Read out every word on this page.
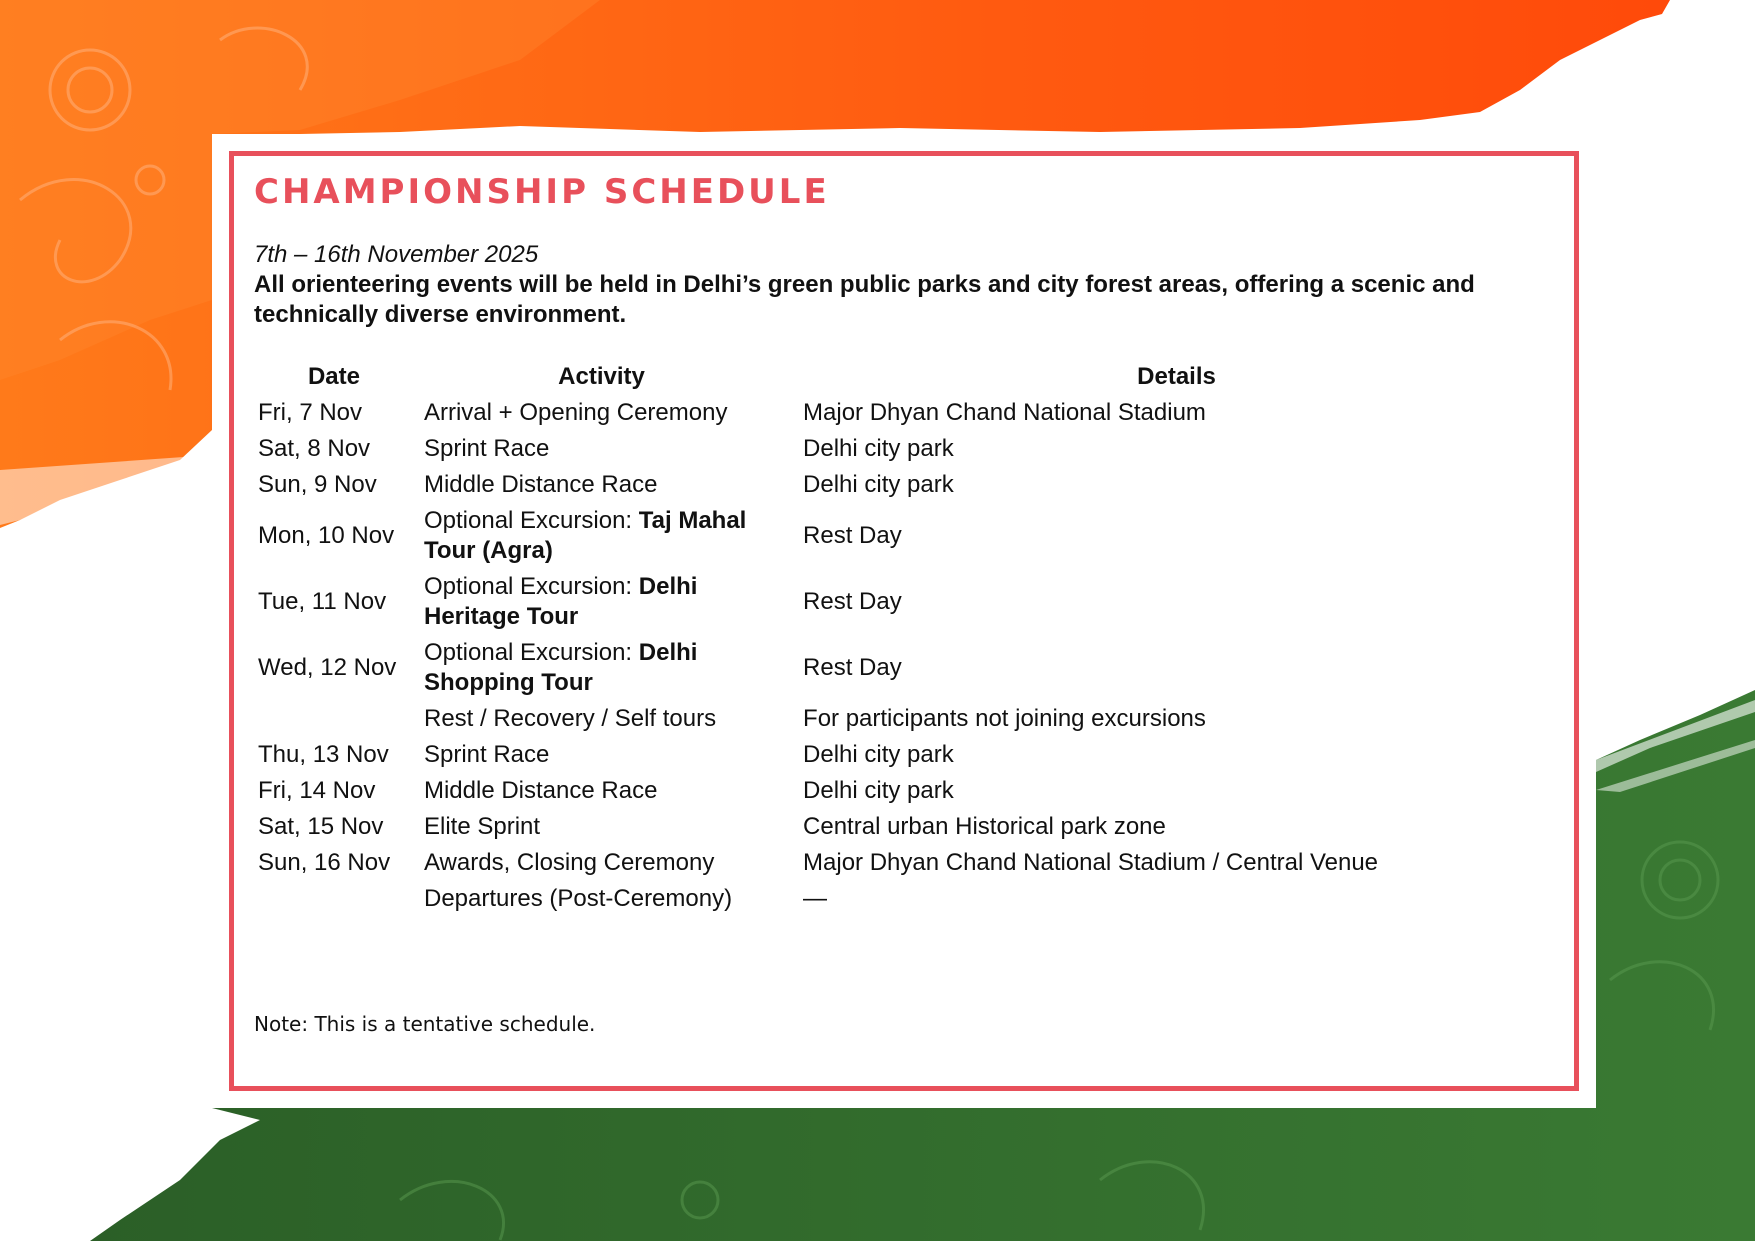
CHAMPIONSHIP SCHEDULE
7th – 16th November 2025
All orienteering events will be held in Delhi’s green public parks and city forest areas, offering a scenic and technically diverse environment.
Date	Activity	Details
Fri, 7 Nov	Arrival + Opening Ceremony	Major Dhyan Chand National Stadium
Sat, 8 Nov	Sprint Race	Delhi city park
Sun, 9 Nov	Middle Distance Race	Delhi city park
Mon, 10 Nov	Optional Excursion: Taj Mahal Tour (Agra)	Rest Day
Tue, 11 Nov	Optional Excursion: Delhi Heritage Tour	Rest Day
Wed, 12 Nov	Optional Excursion: Delhi Shopping Tour	Rest Day
	Rest / Recovery / Self tours	For participants not joining excursions
Thu, 13 Nov	Sprint Race	Delhi city park
Fri, 14 Nov	Middle Distance Race	Delhi city park
Sat, 15 Nov	Elite Sprint	Central urban Historical park zone
Sun, 16 Nov	Awards, Closing Ceremony	Major Dhyan Chand National Stadium / Central Venue
	Departures (Post-Ceremony)	—
Note: This is a tentative schedule.
